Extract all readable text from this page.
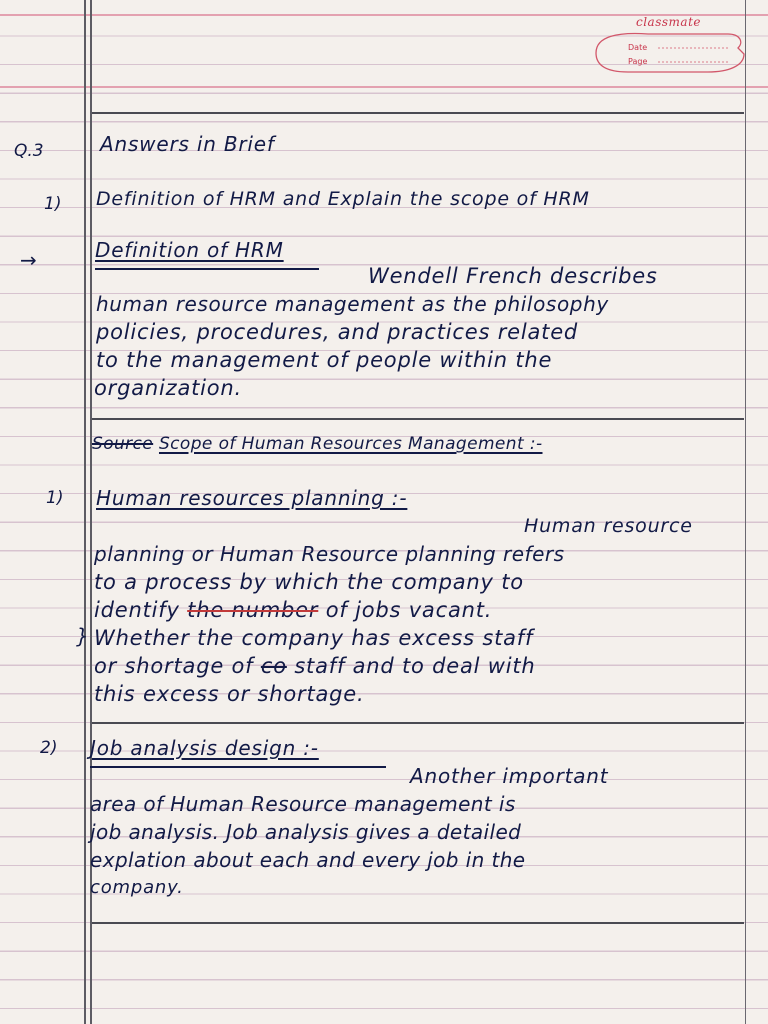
classmate
Date
Page
Q.3	Answers in Brief
1) Definition of HRM and Explain the scope of HRM
→	Definition of HRM
Wendell French describes
human resource management as the philosophy
policies, procedures, and practices related
to the management of people within the
organization.
Source Scope of Human Resources Management :-
1) Human resources planning :-
Human resource
planning or Human Resource planning refers
to a process by which the company to
identify the number of jobs vacant.
} Whether the company has excess staff
or shortage of co staff and to deal with
this excess or shortage.
2) Job analysis design :-
Another important
area of Human Resource management is
job analysis. Job analysis gives a detailed
explation about each and every job in the
company.
